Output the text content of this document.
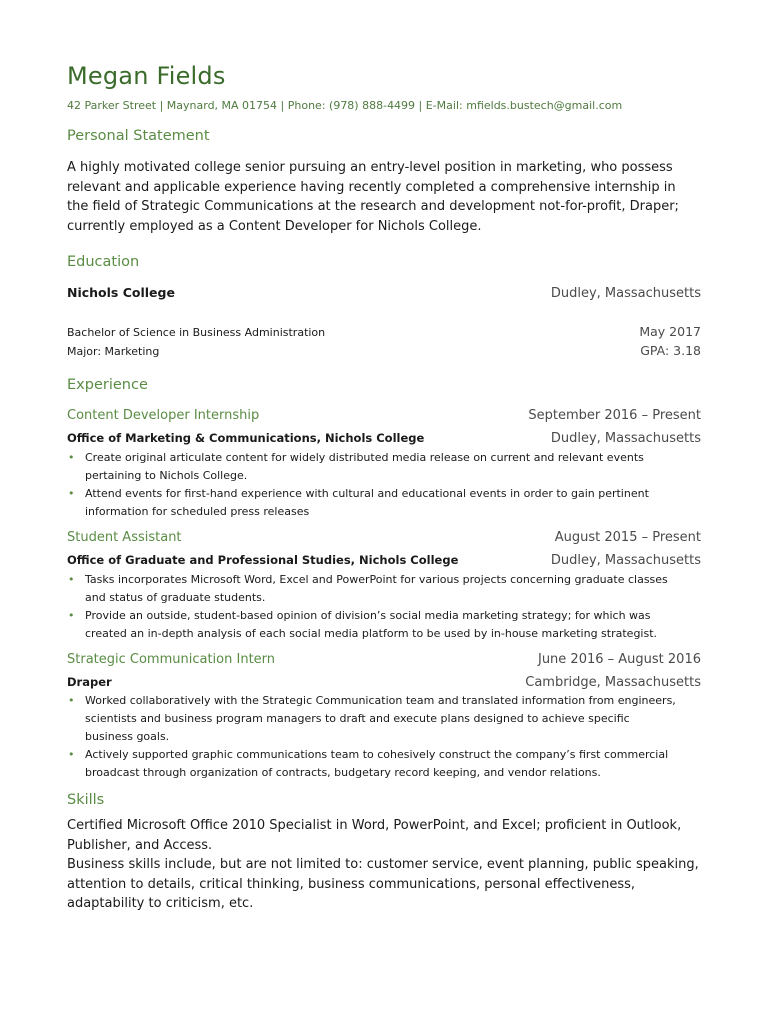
Megan Fields
42 Parker Street | Maynard, MA 01754 | Phone: (978) 888-4499 | E-Mail: mfields.bustech@gmail.com
Personal Statement
A highly motivated college senior pursuing an entry-level position in marketing, who possess relevant and applicable experience having recently completed a comprehensive internship in the field of Strategic Communications at the research and development not-for-profit, Draper; currently employed as a Content Developer for Nichols College.
Education
Nichols College	Dudley, Massachusetts
Bachelor of Science in Business Administration	May 2017
Major: Marketing	GPA: 3.18
Experience
Content Developer Internship	September 2016 – Present
Office of Marketing & Communications, Nichols College	Dudley, Massachusetts
• Create original articulate content for widely distributed media release on current and relevant events pertaining to Nichols College.
• Attend events for first-hand experience with cultural and educational events in order to gain pertinent information for scheduled press releases
Student Assistant	August 2015 – Present
Office of Graduate and Professional Studies, Nichols College	Dudley, Massachusetts
• Tasks incorporates Microsoft Word, Excel and PowerPoint for various projects concerning graduate classes and status of graduate students.
• Provide an outside, student-based opinion of division’s social media marketing strategy; for which was created an in-depth analysis of each social media platform to be used by in-house marketing strategist.
Strategic Communication Intern	June 2016 – August 2016
Draper	Cambridge, Massachusetts
• Worked collaboratively with the Strategic Communication team and translated information from engineers, scientists and business program managers to draft and execute plans designed to achieve specific business goals.
• Actively supported graphic communications team to cohesively construct the company’s first commercial broadcast through organization of contracts, budgetary record keeping, and vendor relations.
Skills
Certified Microsoft Office 2010 Specialist in Word, PowerPoint, and Excel; proficient in Outlook, Publisher, and Access.
Business skills include, but are not limited to: customer service, event planning, public speaking, attention to details, critical thinking, business communications, personal effectiveness, adaptability to criticism, etc.
